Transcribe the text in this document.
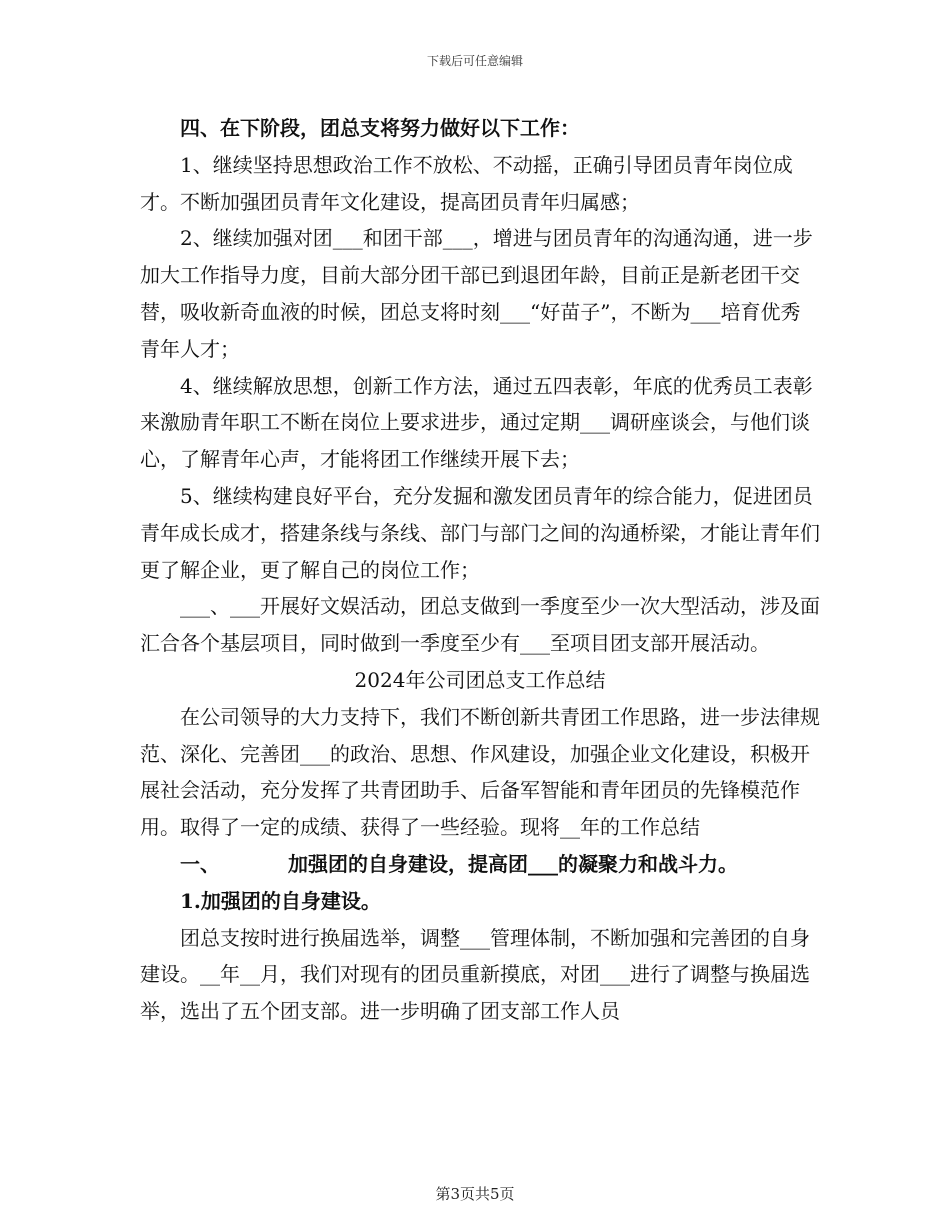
下载后可任意编辑

四、在下阶段，团总支将努力做好以下工作：

1、继续坚持思想政治工作不放松、不动摇，正确引导团员青年岗位成才。不断加强团员青年文化建设，提高团员青年归属感；

2、继续加强对团___和团干部___，增进与团员青年的沟通沟通，进一步加大工作指导力度，目前大部分团干部已到退团年龄，目前正是新老团干交替，吸收新奇血液的时候，团总支将时刻___“好苗子”，不断为___培育优秀青年人才；

4、继续解放思想，创新工作方法，通过五四表彰，年底的优秀员工表彰来激励青年职工不断在岗位上要求进步，通过定期___调研座谈会，与他们谈心，了解青年心声，才能将团工作继续开展下去；

5、继续构建良好平台，充分发掘和激发团员青年的综合能力，促进团员青年成长成才，搭建条线与条线、部门与部门之间的沟通桥梁，才能让青年们更了解企业，更了解自己的岗位工作；

___、___开展好文娱活动，团总支做到一季度至少一次大型活动，涉及面汇合各个基层项目，同时做到一季度至少有___至项目团支部开展活动。

2024年公司团总支工作总结

在公司领导的大力支持下，我们不断创新共青团工作思路，进一步法律规范、深化、完善团___的政治、思想、作风建设，加强企业文化建设，积极开展社会活动，充分发挥了共青团助手、后备军智能和青年团员的先锋模范作用。取得了一定的成绩、获得了一些经验。现将__年的工作总结

一、	加强团的自身建设，提高团___的凝聚力和战斗力。

1.加强团的自身建设。

团总支按时进行换届选举，调整___管理体制，不断加强和完善团的自身建设。__年__月，我们对现有的团员重新摸底，对团___进行了调整与换届选举，选出了五个团支部。进一步明确了团支部工作人员

第3页共5页
